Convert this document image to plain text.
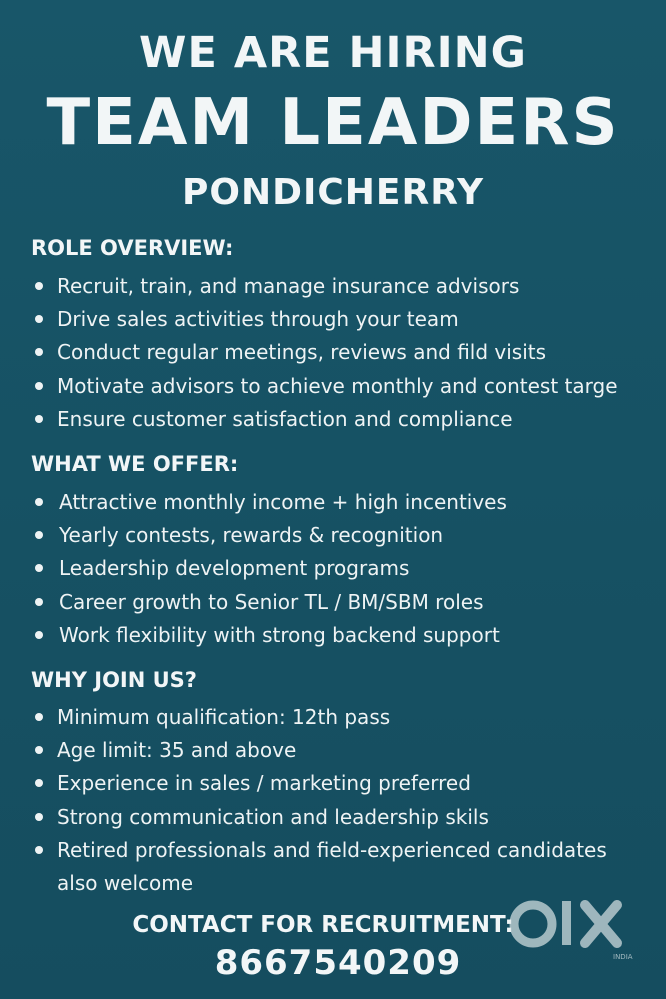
WE ARE HIRING
TEAM LEADERS
PONDICHERRY
ROLE OVERVIEW:
Recruit, train, and manage insurance advisors
Drive sales activities through your team
Conduct regular meetings, reviews and fild visits
Motivate advisors to achieve monthly and contest targe
Ensure customer satisfaction and compliance
WHAT WE OFFER:
Attractive monthly income + high incentives
Yearly contests, rewards & recognition
Leadership development programs
Career growth to Senior TL / BM/SBM roles
Work flexibility with strong backend support
WHY JOIN US?
Minimum qualification: 12th pass
Age limit: 35 and above
Experience in sales / marketing preferred
Strong communication and leadership skils
Retired professionals and field-experienced candidates also welcome
CONTACT FOR RECRUITMENT:
8667540209	INDIA
